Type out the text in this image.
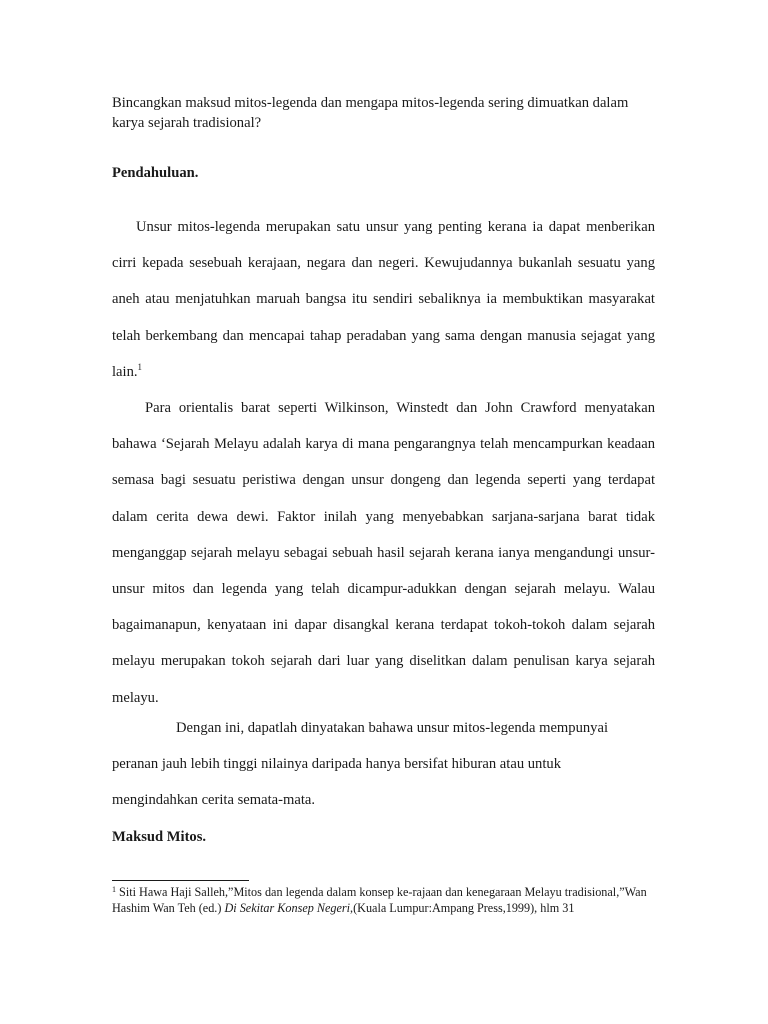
Bincangkan maksud mitos-legenda dan mengapa mitos-legenda sering dimuatkan dalam karya sejarah tradisional?

Pendahuluan.

Unsur mitos-legenda merupakan satu unsur yang penting kerana ia dapat menberikan cirri kepada sesebuah kerajaan, negara dan negeri. Kewujudannya bukanlah sesuatu yang aneh atau menjatuhkan maruah bangsa itu sendiri sebaliknya ia membuktikan masyarakat telah berkembang dan mencapai tahap peradaban yang sama dengan manusia sejagat yang lain.$^1$

Para orientalis barat seperti Wilkinson, Winstedt dan John Crawford menyatakan bahawa ‘Sejarah Melayu adalah karya di mana pengarangnya telah mencampurkan keadaan semasa bagi sesuatu peristiwa dengan unsur dongeng dan legenda seperti yang terdapat dalam cerita dewa dewi. Faktor inilah yang menyebabkan sarjana-sarjana barat tidak menganggap sejarah melayu sebagai sebuah hasil sejarah kerana ianya mengandungi unsur-unsur mitos dan legenda yang telah dicampur-adukkan dengan sejarah melayu. Walau bagaimanapun, kenyataan ini dapar disangkal kerana terdapat tokoh-tokoh dalam sejarah melayu merupakan tokoh sejarah dari luar yang diselitkan dalam penulisan karya sejarah melayu.

Dengan ini, dapatlah dinyatakan bahawa unsur mitos-legenda mempunyai peranan jauh lebih tinggi nilainya daripada hanya bersifat hiburan atau untuk mengindahkan cerita semata-mata.

Maksud Mitos.

$^1$ Siti Hawa Haji Salleh,”Mitos dan legenda dalam konsep ke-rajaan dan kenegaraan Melayu tradisional,”Wan Hashim Wan Teh (ed.) Di Sekitar Konsep Negeri,(Kuala Lumpur:Ampang Press,1999), hlm 31
